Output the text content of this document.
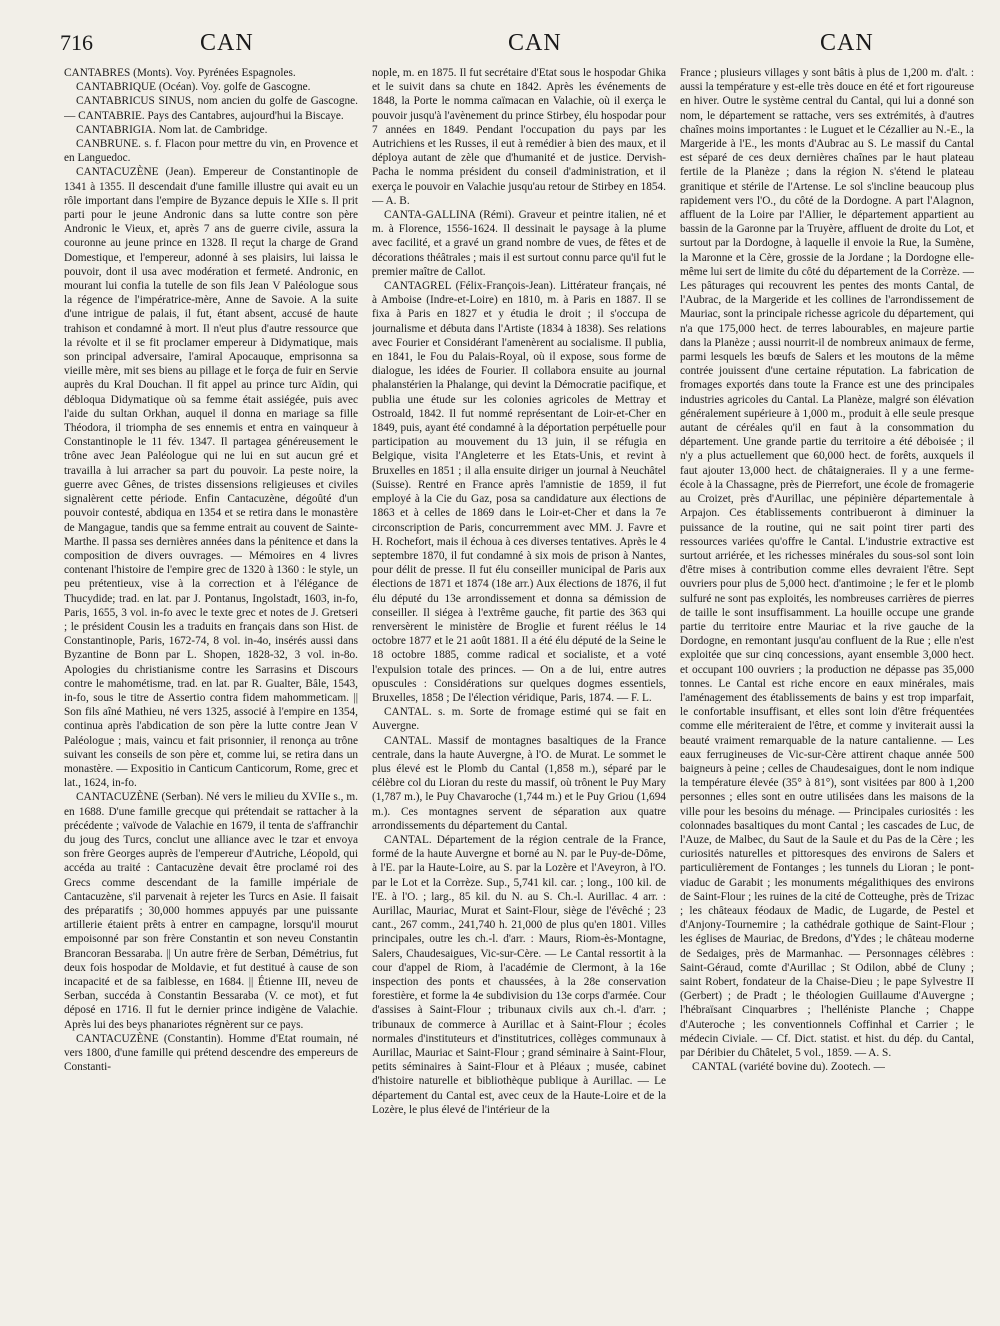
716	CAN	CAN	CAN

CANTABRES (Monts). Voy. Pyrénées Espagnoles.

CANTABRIQUE (Océan). Voy. golfe de Gascogne.

CANTABRICUS SINUS, nom ancien du golfe de Gascogne. — CANTABRIE. Pays des Cantabres, aujourd'hui la Biscaye.

CANTABRIGIA. Nom lat. de Cambridge.

CANBRUNE. s. f. Flacon pour mettre du vin, en Provence et en Languedoc.

CANTACUZÈNE (Jean). Empereur de Constantinople de 1341 à 1355. Il descendait d'une famille illustre qui avait eu un rôle important dans l'empire de Byzance depuis le XIIe s. Il prit parti pour le jeune Andronic dans sa lutte contre son père Andronic le Vieux, et, après 7 ans de guerre civile, assura la couronne au jeune prince en 1328. Il reçut la charge de Grand Domestique, et l'empereur, adonné à ses plaisirs, lui laissa le pouvoir, dont il usa avec modération et fermeté. Andronic, en mourant lui confia la tutelle de son fils Jean V Paléologue sous la régence de l'impératrice-mère, Anne de Savoie. A la suite d'une intrigue de palais, il fut, étant absent, accusé de haute trahison et condamné à mort. Il n'eut plus d'autre ressource que la révolte et il se fit proclamer empereur à Didymatique, mais son principal adversaire, l'amiral Apocauque, emprisonna sa vieille mère, mit ses biens au pillage et le força de fuir en Servie auprès du Kral Douchan. Il fit appel au prince turc Aïdin, qui débloqua Didymatique où sa femme était assiégée, puis avec l'aide du sultan Orkhan, auquel il donna en mariage sa fille Théodora, il triompha de ses ennemis et entra en vainqueur à Constantinople le 11 fév. 1347. Il partagea généreusement le trône avec Jean Paléologue qui ne lui en sut aucun gré et travailla à lui arracher sa part du pouvoir. La peste noire, la guerre avec Gênes, de tristes dissensions religieuses et civiles signalèrent cette période. Enfin Cantacuzène, dégoûté d'un pouvoir contesté, abdiqua en 1354 et se retira dans le monastère de Mangague, tandis que sa femme entrait au couvent de Sainte-Marthe. Il passa ses dernières années dans la pénitence et dans la composition de divers ouvrages. — Mémoires en 4 livres contenant l'histoire de l'empire grec de 1320 à 1360 : le style, un peu prétentieux, vise à la correction et à l'élégance de Thucydide; trad. en lat. par J. Pontanus, Ingolstadt, 1603, in-fo, Paris, 1655, 3 vol. in-fo avec le texte grec et notes de J. Gretseri ; le président Cousin les a traduits en français dans son Hist. de Constantinople, Paris, 1672-74, 8 vol. in-4o, insérés aussi dans Byzantine de Bonn par L. Shopen, 1828-32, 3 vol. in-8o. Apologies du christianisme contre les Sarrasins et Discours contre le mahométisme, trad. en lat. par R. Gualter, Bâle, 1543, in-fo, sous le titre de Assertio contra fidem mahommeticam. || Son fils aîné Mathieu, né vers 1325, associé à l'empire en 1354, continua après l'abdication de son père la lutte contre Jean V Paléologue ; mais, vaincu et fait prisonnier, il renonça au trône suivant les conseils de son père et, comme lui, se retira dans un monastère. — Expositio in Canticum Canticorum, Rome, grec et lat., 1624, in-fo.

CANTACUZÈNE (Serban). Né vers le milieu du XVIIe s., m. en 1688. D'une famille grecque qui prétendait se rattacher à la précédente ; vaïvode de Valachie en 1679, il tenta de s'affranchir du joug des Turcs, conclut une alliance avec le tzar et envoya son frère Georges auprès de l'empereur d'Autriche, Léopold, qui accéda au traité : Cantacuzène devait être proclamé roi des Grecs comme descendant de la famille impériale de Cantacuzène, s'il parvenait à rejeter les Turcs en Asie. Il faisait des préparatifs ; 30,000 hommes appuyés par une puissante artillerie étaient prêts à entrer en campagne, lorsqu'il mourut empoisonné par son frère Constantin et son neveu Constantin Brancoran Bessaraba. || Un autre frère de Serban, Démétrius, fut deux fois hospodar de Moldavie, et fut destitué à cause de son incapacité et de sa faiblesse, en 1684. || Étienne III, neveu de Serban, succéda à Constantin Bessaraba (V. ce mot), et fut déposé en 1716. Il fut le dernier prince indigène de Valachie. Après lui des beys phanariotes régnèrent sur ce pays.

CANTACUZÈNE (Constantin). Homme d'Etat roumain, né vers 1800, d'une famille qui prétend descendre des empereurs de Constanti-

nople, m. en 1875. Il fut secrétaire d'Etat sous le hospodar Ghika et le suivit dans sa chute en 1842. Après les événements de 1848, la Porte le nomma caïmacan en Valachie, où il exerça le pouvoir jusqu'à l'avènement du prince Stirbey, élu hospodar pour 7 années en 1849. Pendant l'occupation du pays par les Autrichiens et les Russes, il eut à remédier à bien des maux, et il déploya autant de zèle que d'humanité et de justice. Dervish-Pacha le nomma président du conseil d'administration, et il exerça le pouvoir en Valachie jusqu'au retour de Stirbey en 1854. — A. B.

CANTA-GALLINA (Rémi). Graveur et peintre italien, né et m. à Florence, 1556-1624. Il dessinait le paysage à la plume avec facilité, et a gravé un grand nombre de vues, de fêtes et de décorations théâtrales ; mais il est surtout connu parce qu'il fut le premier maître de Callot.

CANTAGREL (Félix-François-Jean). Littérateur français, né à Amboise (Indre-et-Loire) en 1810, m. à Paris en 1887. Il se fixa à Paris en 1827 et y étudia le droit ; il s'occupa de journalisme et débuta dans l'Artiste (1834 à 1838). Ses relations avec Fourier et Considérant l'amenèrent au socialisme. Il publia, en 1841, le Fou du Palais-Royal, où il expose, sous forme de dialogue, les idées de Fourier. Il collabora ensuite au journal phalanstérien la Phalange, qui devint la Démocratie pacifique, et publia une étude sur les colonies agricoles de Mettray et Ostroald, 1842. Il fut nommé représentant de Loir-et-Cher en 1849, puis, ayant été condamné à la déportation perpétuelle pour participation au mouvement du 13 juin, il se réfugia en Belgique, visita l'Angleterre et les Etats-Unis, et revint à Bruxelles en 1851 ; il alla ensuite diriger un journal à Neuchâtel (Suisse). Rentré en France après l'amnistie de 1859, il fut employé à la Cie du Gaz, posa sa candidature aux élections de 1863 et à celles de 1869 dans le Loir-et-Cher et dans la 7e circonscription de Paris, concurremment avec MM. J. Favre et H. Rochefort, mais il échoua à ces diverses tentatives. Après le 4 septembre 1870, il fut condamné à six mois de prison à Nantes, pour délit de presse. Il fut élu conseiller municipal de Paris aux élections de 1871 et 1874 (18e arr.) Aux élections de 1876, il fut élu député du 13e arrondissement et donna sa démission de conseiller. Il siégea à l'extrême gauche, fit partie des 363 qui renversèrent le ministère de Broglie et furent réélus le 14 octobre 1877 et le 21 août 1881. Il a été élu député de la Seine le 18 octobre 1885, comme radical et socialiste, et a voté l'expulsion totale des princes. — On a de lui, entre autres opuscules : Considérations sur quelques dogmes essentiels, Bruxelles, 1858 ; De l'élection véridique, Paris, 1874. — F. L.

CANTAL. s. m. Sorte de fromage estimé qui se fait en Auvergne.

CANTAL. Massif de montagnes basaltiques de la France centrale, dans la haute Auvergne, à l'O. de Murat. Le sommet le plus élevé est le Plomb du Cantal (1,858 m.), séparé par le célèbre col du Lioran du reste du massif, où trônent le Puy Mary (1,787 m.), le Puy Chavaroche (1,744 m.) et le Puy Griou (1,694 m.). Ces montagnes servent de séparation aux quatre arrondissements du département du Cantal.

CANTAL. Département de la région centrale de la France, formé de la haute Auvergne et borné au N. par le Puy-de-Dôme, à l'E. par la Haute-Loire, au S. par la Lozère et l'Aveyron, à l'O. par le Lot et la Corrèze. Sup., 5,741 kil. car. ; long., 100 kil. de l'E. à l'O. ; larg., 85 kil. du N. au S. Ch.-l. Aurillac. 4 arr. : Aurillac, Mauriac, Murat et Saint-Flour, siège de l'évêché ; 23 cant., 267 comm., 241,740 h. 21,000 de plus qu'en 1801. Villes principales, outre les ch.-l. d'arr. : Maurs, Riom-ès-Montagne, Salers, Chaudesaigues, Vic-sur-Cère. — Le Cantal ressortit à la cour d'appel de Riom, à l'académie de Clermont, à la 16e inspection des ponts et chaussées, à la 28e conservation forestière, et forme la 4e subdivision du 13e corps d'armée. Cour d'assises à Saint-Flour ; tribunaux civils aux ch.-l. d'arr. ; tribunaux de commerce à Aurillac et à Saint-Flour ; écoles normales d'instituteurs et d'institutrices, collèges communaux à Aurillac, Mauriac et Saint-Flour ; grand séminaire à Saint-Flour, petits séminaires à Saint-Flour et à Pléaux ; musée, cabinet d'histoire naturelle et bibliothèque publique à Aurillac. — Le département du Cantal est, avec ceux de la Haute-Loire et de la Lozère, le plus élevé de l'intérieur de la

France ; plusieurs villages y sont bâtis à plus de 1,200 m. d'alt. : aussi la température y est-elle très douce en été et fort rigoureuse en hiver. Outre le système central du Cantal, qui lui a donné son nom, le département se rattache, vers ses extrémités, à d'autres chaînes moins importantes : le Luguet et le Cézallier au N.-E., la Margeride à l'E., les monts d'Aubrac au S. Le massif du Cantal est séparé de ces deux dernières chaînes par le haut plateau fertile de la Planèze ; dans la région N. s'étend le plateau granitique et stérile de l'Artense. Le sol s'incline beaucoup plus rapidement vers l'O., du côté de la Dordogne. A part l'Alagnon, affluent de la Loire par l'Allier, le département appartient au bassin de la Garonne par la Truyère, affluent de droite du Lot, et surtout par la Dordogne, à laquelle il envoie la Rue, la Sumène, la Maronne et la Cère, grossie de la Jordane ; la Dordogne elle-même lui sert de limite du côté du département de la Corrèze. — Les pâturages qui recouvrent les pentes des monts Cantal, de l'Aubrac, de la Margeride et les collines de l'arrondissement de Mauriac, sont la principale richesse agricole du département, qui n'a que 175,000 hect. de terres labourables, en majeure partie dans la Planèze ; aussi nourrit-il de nombreux animaux de ferme, parmi lesquels les bœufs de Salers et les moutons de la même contrée jouissent d'une certaine réputation. La fabrication de fromages exportés dans toute la France est une des principales industries agricoles du Cantal. La Planèze, malgré son élévation généralement supérieure à 1,000 m., produit à elle seule presque autant de céréales qu'il en faut à la consommation du département. Une grande partie du territoire a été déboisée ; il n'y a plus actuellement que 60,000 hect. de forêts, auxquels il faut ajouter 13,000 hect. de châtaigneraies. Il y a une ferme-école à la Chassagne, près de Pierrefort, une école de fromagerie au Croizet, près d'Aurillac, une pépinière départementale à Arpajon. Ces établissements contribueront à diminuer la puissance de la routine, qui ne sait point tirer parti des ressources variées qu'offre le Cantal. L'industrie extractive est surtout arriérée, et les richesses minérales du sous-sol sont loin d'être mises à contribution comme elles devraient l'être. Sept ouvriers pour plus de 5,000 hect. d'antimoine ; le fer et le plomb sulfuré ne sont pas exploités, les nombreuses carrières de pierres de taille le sont insuffisamment. La houille occupe une grande partie du territoire entre Mauriac et la rive gauche de la Dordogne, en remontant jusqu'au confluent de la Rue ; elle n'est exploitée que sur cinq concessions, ayant ensemble 3,000 hect. et occupant 100 ouvriers ; la production ne dépasse pas 35,000 tonnes. Le Cantal est riche encore en eaux minérales, mais l'aménagement des établissements de bains y est trop imparfait, le confortable insuffisant, et elles sont loin d'être fréquentées comme elle mériteraient de l'être, et comme y inviterait aussi la beauté vraiment remarquable de la nature cantalienne. — Les eaux ferrugineuses de Vic-sur-Cère attirent chaque année 500 baigneurs à peine ; celles de Chaudesaigues, dont le nom indique la température élevée (35° à 81°), sont visitées par 800 à 1,200 personnes ; elles sont en outre utilisées dans les maisons de la ville pour les besoins du ménage. — Principales curiosités : les colonnades basaltiques du mont Cantal ; les cascades de Luc, de l'Auze, de Malbec, du Saut de la Saule et du Pas de la Cère ; les curiosités naturelles et pittoresques des environs de Salers et particulièrement de Fontanges ; les tunnels du Lioran ; le pont-viaduc de Garabit ; les monuments mégalithiques des environs de Saint-Flour ; les ruines de la cité de Cotteughe, près de Trizac ; les châteaux féodaux de Madic, de Lugarde, de Pestel et d'Anjony-Tournemire ; la cathédrale gothique de Saint-Flour ; les églises de Mauriac, de Bredons, d'Ydes ; le château moderne de Sedaiges, près de Marmanhac. — Personnages célèbres : Saint-Géraud, comte d'Aurillac ; St Odilon, abbé de Cluny ; saint Robert, fondateur de la Chaise-Dieu ; le pape Sylvestre II (Gerbert) ; de Pradt ; le théologien Guillaume d'Auvergne ; l'hébraïsant Cinquarbres ; l'helléniste Planche ; Chappe d'Auteroche ; les conventionnels Coffinhal et Carrier ; le médecin Civiale. — Cf. Dict. statist. et hist. du dép. du Cantal, par Déribier du Châtelet, 5 vol., 1859. — A. S.

CANTAL (variété bovine du). Zootech. —
